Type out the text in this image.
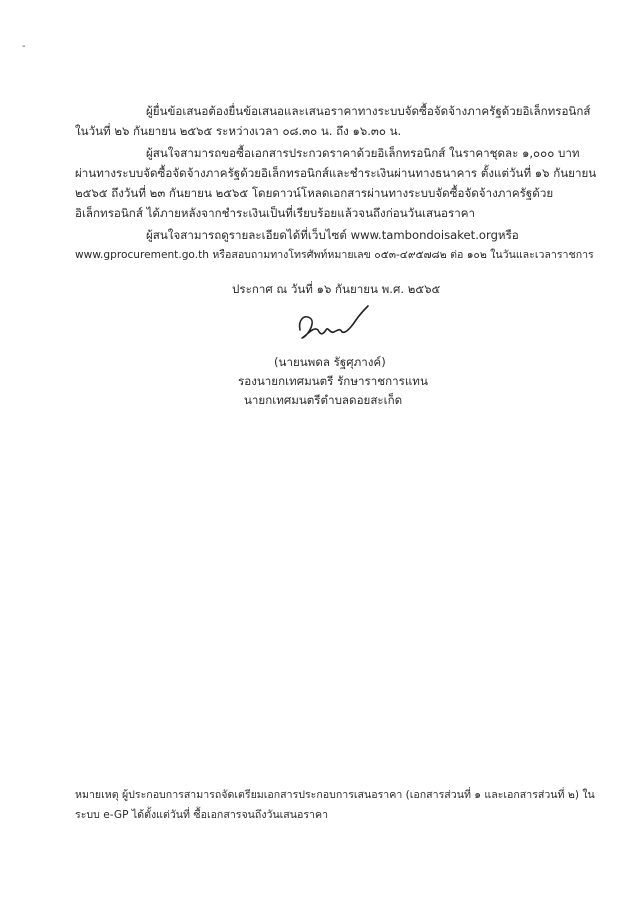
-
ผู้ยื่นข้อเสนอต้องยื่นข้อเสนอและเสนอราคาทางระบบจัดซื้อจัดจ้างภาครัฐด้วยอิเล็กทรอนิกส์
ในวันที่ ๒๖ กันยายน ๒๕๖๕ ระหว่างเวลา ๐๘.๓๐ น. ถึง ๑๖.๓๐ น.
ผู้สนใจสามารถขอซื้อเอกสารประกวดราคาด้วยอิเล็กทรอนิกส์ ในราคาชุดละ ๑,๐๐๐ บาท
ผ่านทางระบบจัดซื้อจัดจ้างภาครัฐด้วยอิเล็กทรอนิกส์และชำระเงินผ่านทางธนาคาร ตั้งแต่วันที่ ๑๖ กันยายน
๒๕๖๕ ถึงวันที่ ๒๓ กันยายน ๒๕๖๕ โดยดาวน์โหลดเอกสารผ่านทางระบบจัดซื้อจัดจ้างภาครัฐด้วย
อิเล็กทรอนิกส์ ได้ภายหลังจากชำระเงินเป็นที่เรียบร้อยแล้วจนถึงก่อนวันเสนอราคา
ผู้สนใจสามารถดูรายละเอียดได้ที่เว็บไซต์ www.tambondoisaket.orgหรือ
www.gprocurement.go.th หรือสอบถามทางโทรศัพท์หมายเลข ๐๕๓-๔๙๕๗๘๒ ต่อ ๑๐๒ ในวันและเวลาราชการ
ประกาศ ณ วันที่ ๑๖ กันยายน พ.ศ. ๒๕๖๕
(นายนพดล รัฐศุภางค์)
รองนายกเทศมนตรี รักษาราชการแทน
นายกเทศมนตรีตำบลดอยสะเก็ด
หมายเหตุ ผู้ประกอบการสามารถจัดเตรียมเอกสารประกอบการเสนอราคา (เอกสารส่วนที่ ๑ และเอกสารส่วนที่ ๒) ใน
ระบบ e-GP ได้ตั้งแต่วันที่ ซื้อเอกสารจนถึงวันเสนอราคา
